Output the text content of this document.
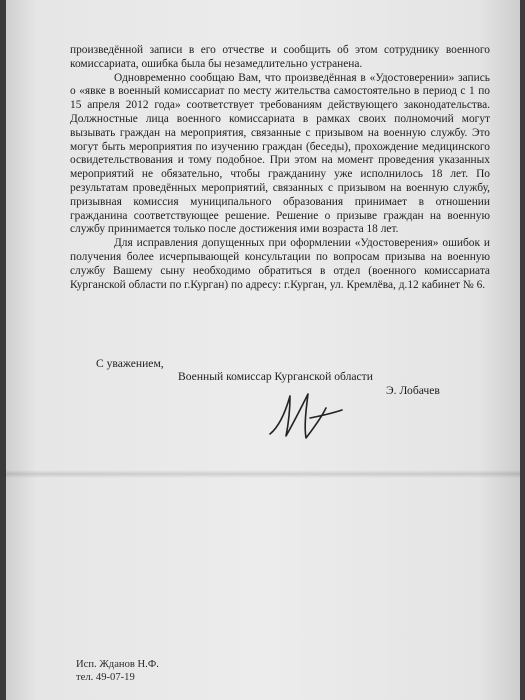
произведённой записи в его отчестве и сообщить об этом сотруднику военного комиссариата, ошибка была бы незамедлительно устранена.

Одновременно сообщаю Вам, что произведённая в «Удостоверении» запись о «явке в военный комиссариат по месту жительства самостоятельно в период с 1 по 15 апреля 2012 года» соответствует требованиям действующего законодательства. Должностные лица военного комиссариата в рамках своих полномочий могут вызывать граждан на мероприятия, связанные с призывом на военную службу. Это могут быть мероприятия по изучению граждан (беседы), прохождение медицинского освидетельствования и тому подобное. При этом на момент проведения указанных мероприятий не обязательно, чтобы гражданину уже исполнилось 18 лет. По результатам проведённых мероприятий, связанных с призывом на военную службу, призывная комиссия муниципального образования принимает в отношении гражданина соответствующее решение. Решение о призыве граждан на военную службу принимается только после достижения ими возраста 18 лет.

Для исправления допущенных при оформлении «Удостоверения» ошибок и получения более исчерпывающей консультации по вопросам призыва на военную службу Вашему сыну необходимо обратиться в отдел (военного комиссариата Курганской области по г.Курган) по адресу: г.Курган, ул. Кремлёва, д.12 кабинет № 6.

С уважением,
Военный комиссар Курганской области
Э. Лобачев
Исп. Жданов Н.Ф.
тел. 49-07-19
